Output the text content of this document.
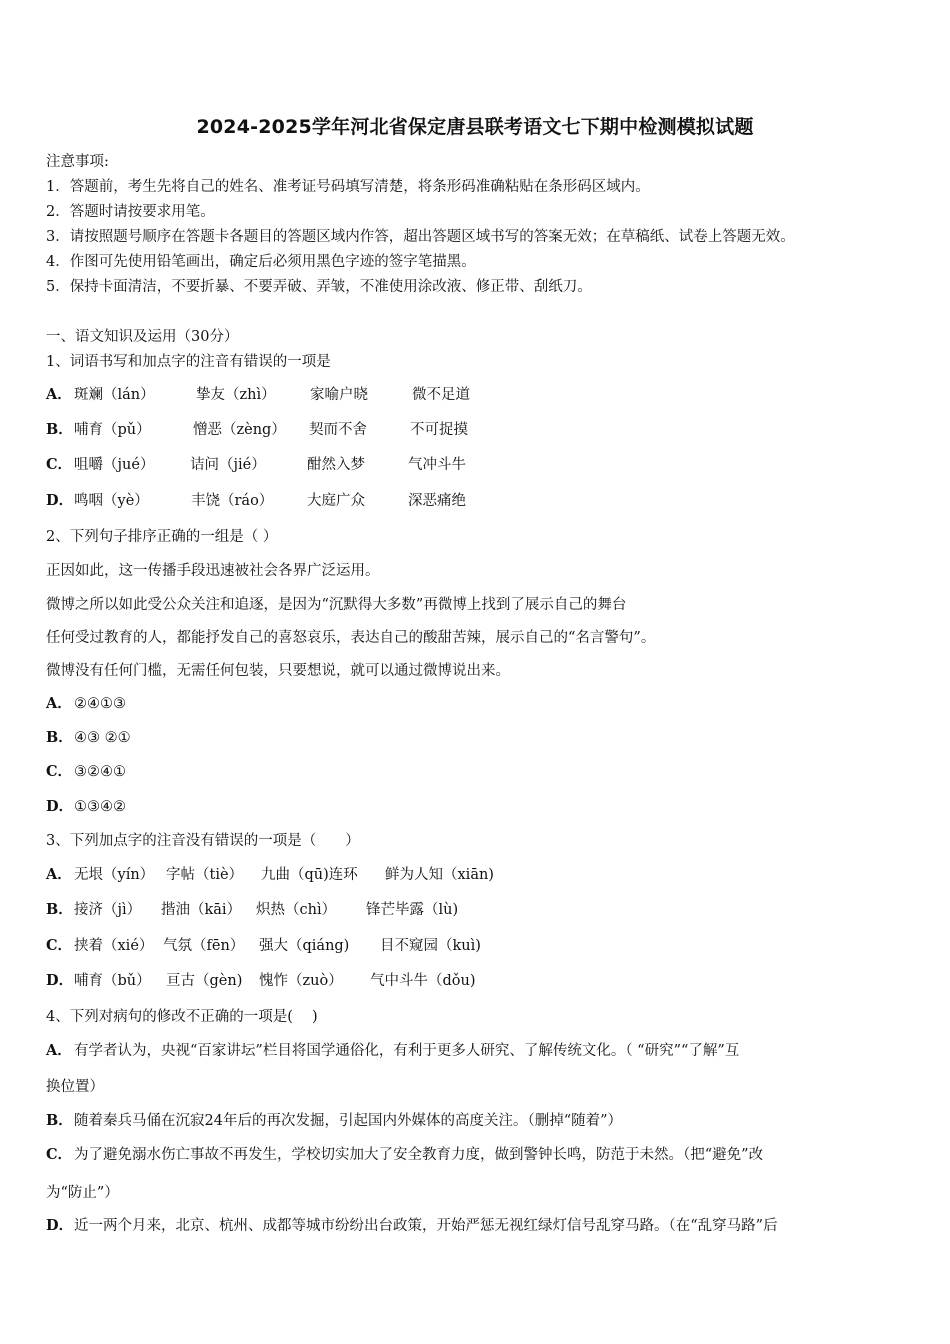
2024-2025学年河北省保定唐县联考语文七下期中检测模拟试题
注意事项:
1．答题前，考生先将自己的姓名、准考证号码填写清楚，将条形码准确粘贴在条形码区域内。
2．答题时请按要求用笔。
3．请按照题号顺序在答题卡各题目的答题区域内作答，超出答题区域书写的答案无效；在草稿纸、试卷上答题无效。
4．作图可先使用铅笔画出，确定后必须用黑色字迹的签字笔描黑。
5．保持卡面清洁，不要折暴、不要弄破、弄皱，不准使用涂改液、修正带、刮纸刀。
一、语文知识及运用（30分）
1、词语书写和加点字的注音有错误的一项是
A． 斑斓（lán）	挚友（zhì） 家喻户晓	微不足道
B． 哺育（pǔ）	憎恶（zèng） 契而不舍	不可捉摸
C． 咀嚼（jué） 诘问（jié）	酣然入梦	气冲斗牛
D． 鸣咽（yè）	丰饶（ráo） 大庭广众	深恶痛绝
2、下列句子排序正确的一组是（ ）
正因如此，这一传播手段迅速被社会各界广泛运用。
微博之所以如此受公众关注和追逐，是因为“沉默得大多数”再微博上找到了展示自己的舞台
任何受过教育的人，都能抒发自己的喜怒哀乐，表达自己的酸甜苦辣，展示自己的“名言警句”。
微博没有任何门槛，无需任何包装，只要想说，就可以通过微博说出来。
A． ②④①③
B． ④③ ②①
C． ③②④①
D． ①③④②
3、下列加点字的注音没有错误的一项是（　　）
A． 无垠（yín） 字帖（tiè） 九曲（qū)连环 鲜为人知（xiān)
B． 接济（jì） 揩油（kāi） 炽热（chì） 锋芒毕露（lù)
C． 挟着（xié） 气氛（fēn） 强大（qiáng) 目不窥园（kuì)
D． 哺育（bǔ） 亘古（gèn) 愧怍（zuò） 气中斗牛（dǒu)
4、下列对病句的修改不正确的一项是(　 )
A． 有学者认为，央视“百家讲坛”栏目将国学通俗化，有利于更多人研究、了解传统文化。（ “研究”“了解”互
换位置）
B． 随着秦兵马俑在沉寂24年后的再次发掘，引起国内外媒体的高度关注。（删掉“随着”）
C． 为了避免溺水伤亡事故不再发生，学校切实加大了安全教育力度，做到警钟长鸣，防范于未然。（把“避免”改
为“防止”）
D． 近一两个月来，北京、杭州、成都等城市纷纷出台政策，开始严惩无视红绿灯信号乱穿马路。（在“乱穿马路”后
